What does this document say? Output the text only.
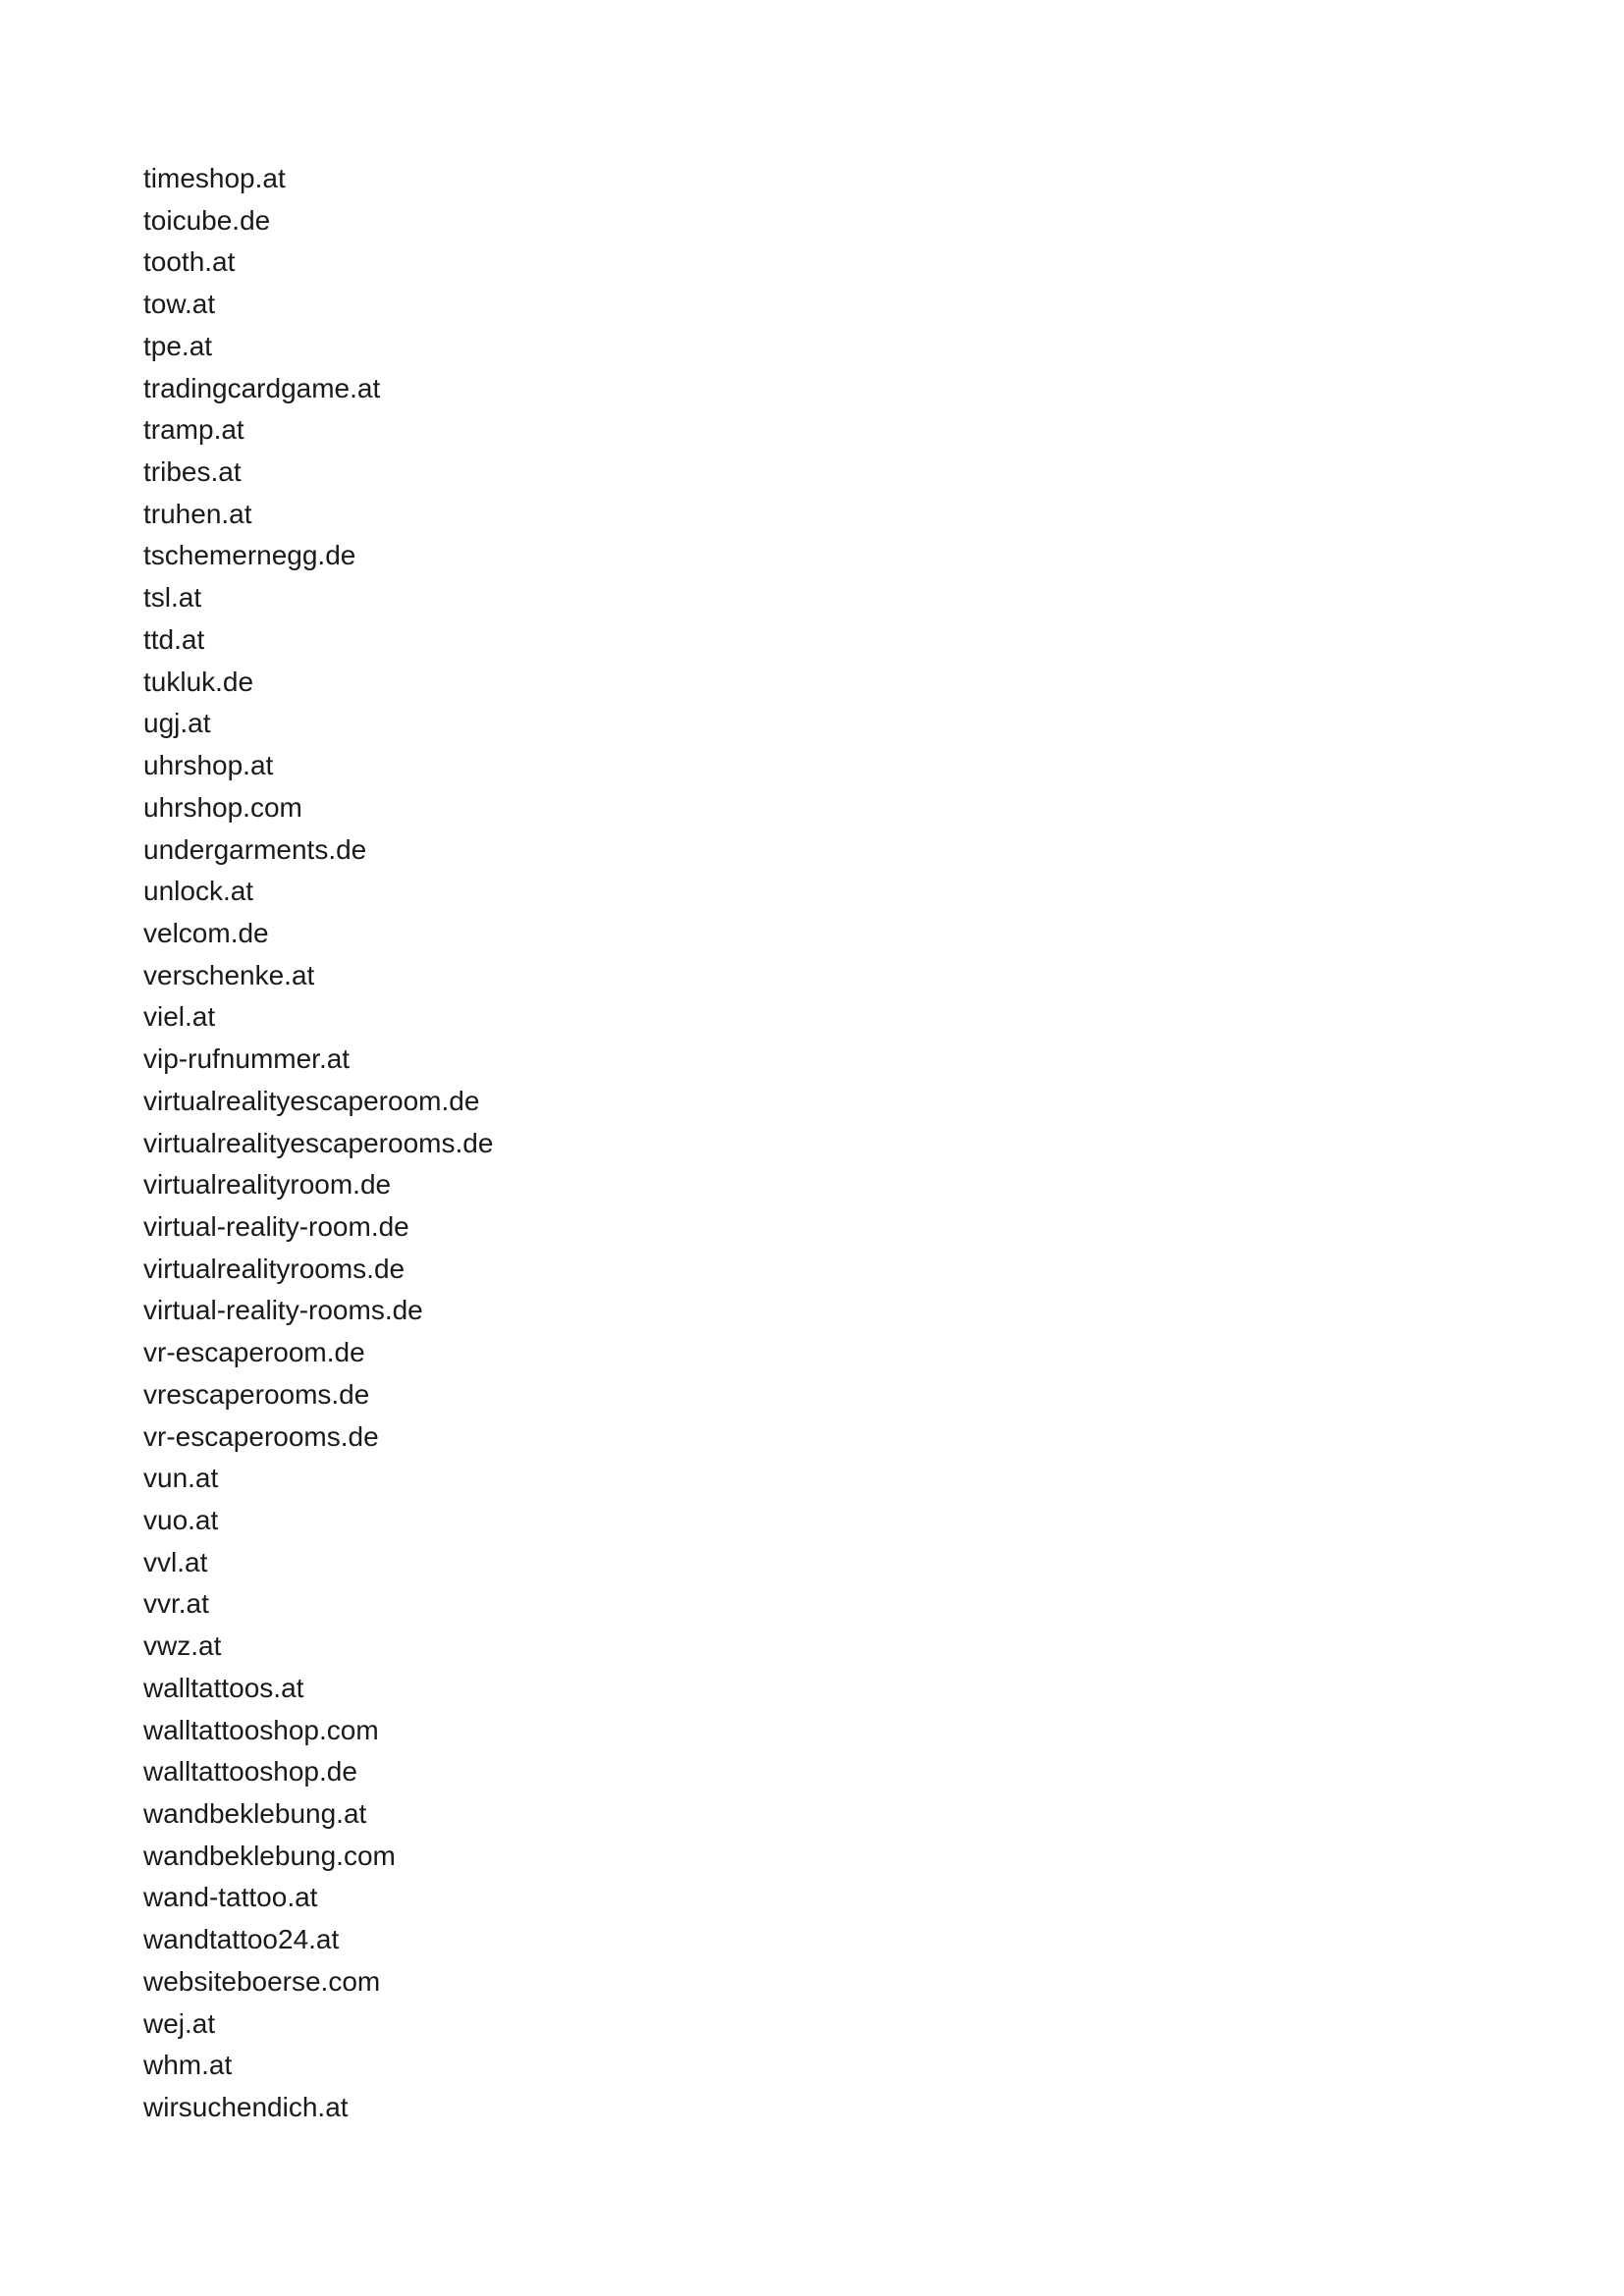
timeshop.at
toicube.de
tooth.at
tow.at
tpe.at
tradingcardgame.at
tramp.at
tribes.at
truhen.at
tschemernegg.de
tsl.at
ttd.at
tukluk.de
ugj.at
uhrshop.at
uhrshop.com
undergarments.de
unlock.at
velcom.de
verschenke.at
viel.at
vip-rufnummer.at
virtualrealityescaperoom.de
virtualrealityescaperooms.de
virtualrealityroom.de
virtual-reality-room.de
virtualrealityrooms.de
virtual-reality-rooms.de
vr-escaperoom.de
vrescaperooms.de
vr-escaperooms.de
vun.at
vuo.at
vvl.at
vvr.at
vwz.at
walltattoos.at
walltattooshop.com
walltattooshop.de
wandbeklebung.at
wandbeklebung.com
wand-tattoo.at
wandtattoo24.at
websiteboerse.com
wej.at
whm.at
wirsuchendich.at
